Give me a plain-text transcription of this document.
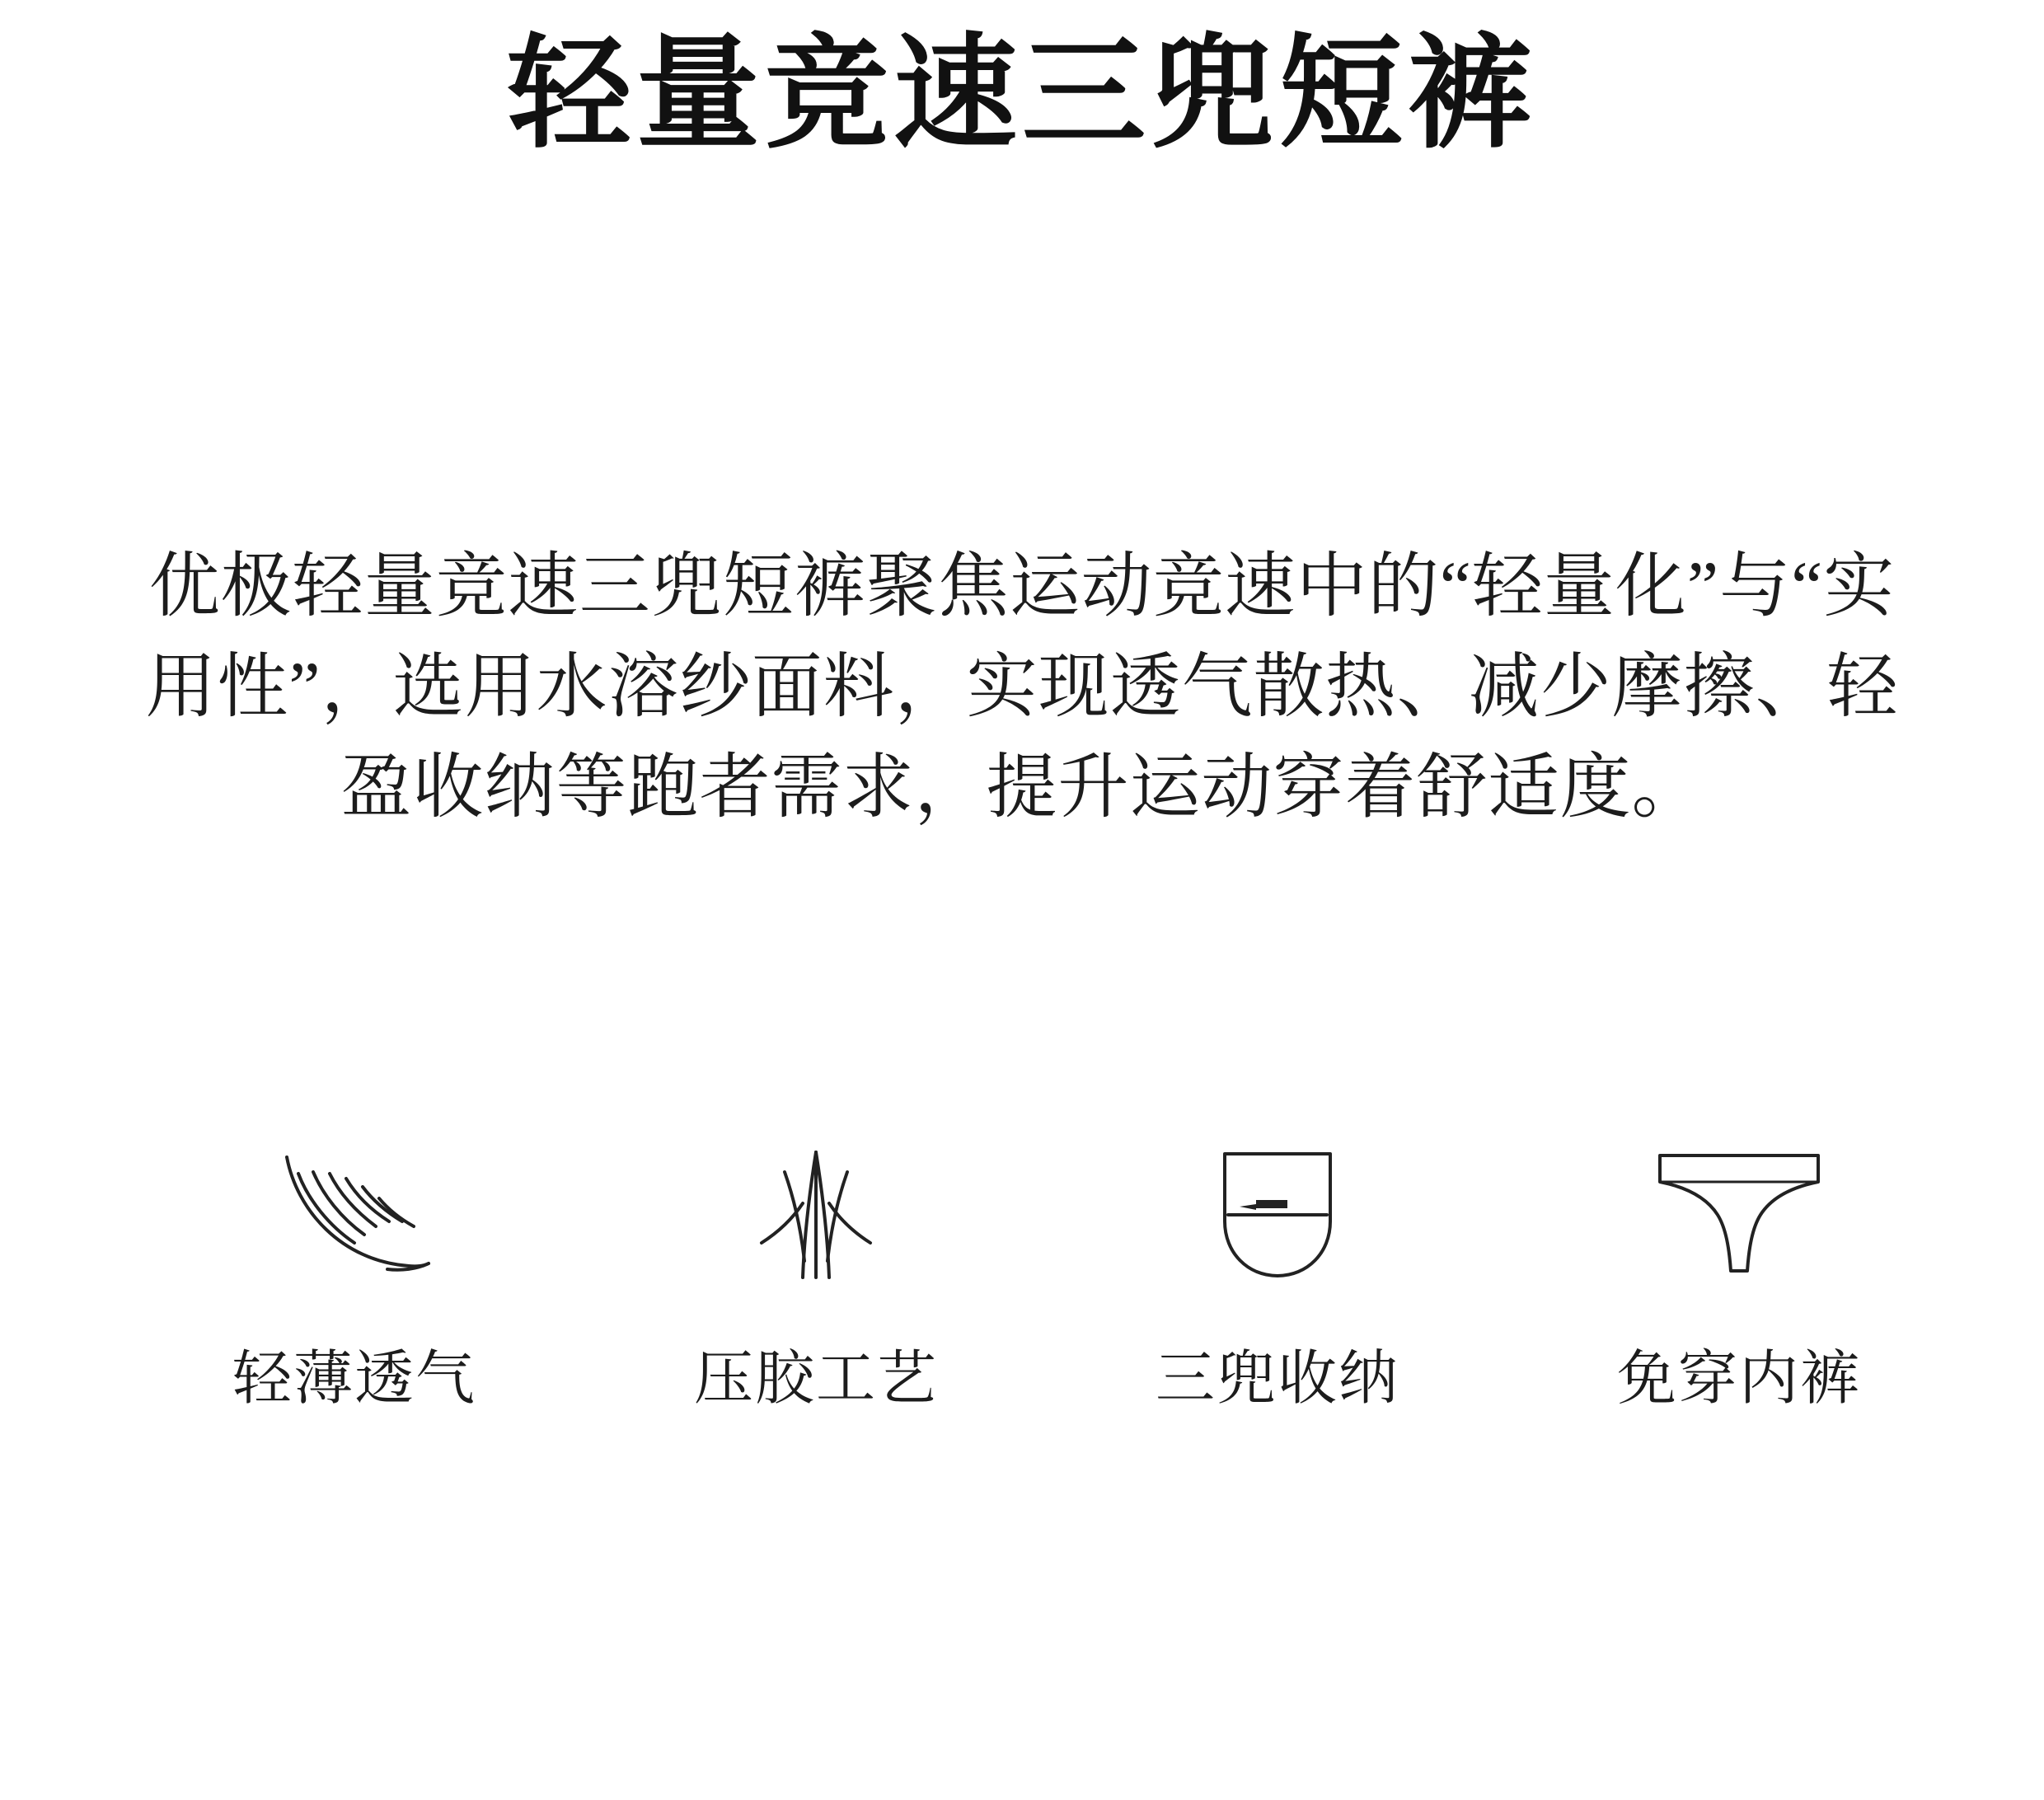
轻量竞速三兜短裤

优极轻量竞速三兜短裤聚焦运动竞速中的“轻量化”与“实用性”，选用水溶纱面料，实现透气散热、减少摩擦、轻盈收纳等跑者需求，提升运动穿着舒适度。

轻薄透气	压胶工艺	三兜收纳	免穿内裤
